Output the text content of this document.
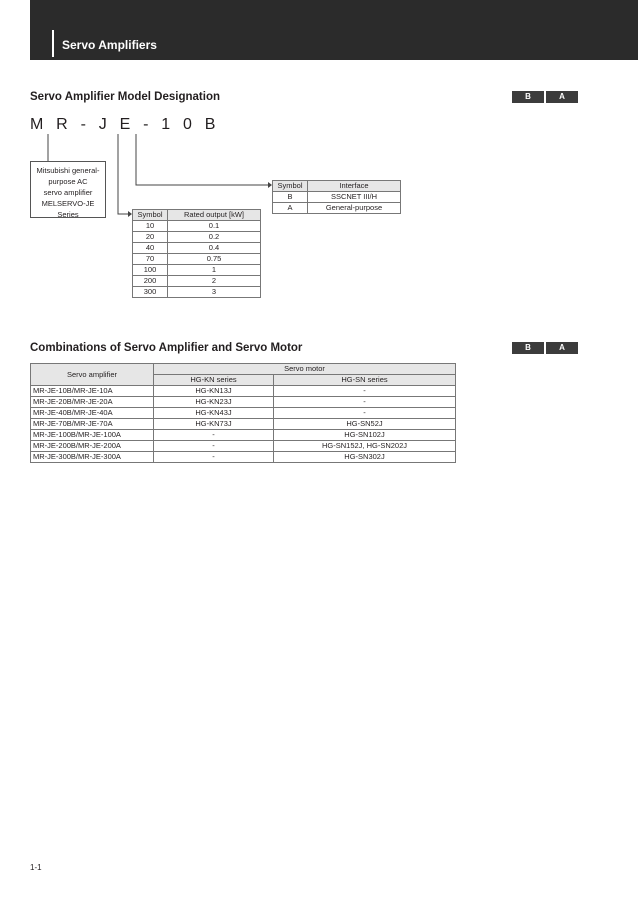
Servo Amplifiers
Servo Amplifier Model Designation	B	A
M R - J E - 1 0 B
Mitsubishi general-
purpose AC
servo amplifier
MELSERVO-JE
Series
Symbol	Interface
B	SSCNET III/H
A	General-purpose
Symbol	Rated output [kW]
10	0.1
20	0.2
40	0.4
70	0.75
100	1
200	2
300	3
Combinations of Servo Amplifier and Servo Motor	B	A
Servo amplifier	Servo motor	
	HG-KN series	HG-SN series
MR-JE-10B/MR-JE-10A	HG-KN13J	-
MR-JE-20B/MR-JE-20A	HG-KN23J	-
MR-JE-40B/MR-JE-40A	HG-KN43J	-
MR-JE-70B/MR-JE-70A	HG-KN73J	HG-SN52J
MR-JE-100B/MR-JE-100A	-	HG-SN102J
MR-JE-200B/MR-JE-200A	-	HG-SN152J, HG-SN202J
MR-JE-300B/MR-JE-300A	-	HG-SN302J
1-1
